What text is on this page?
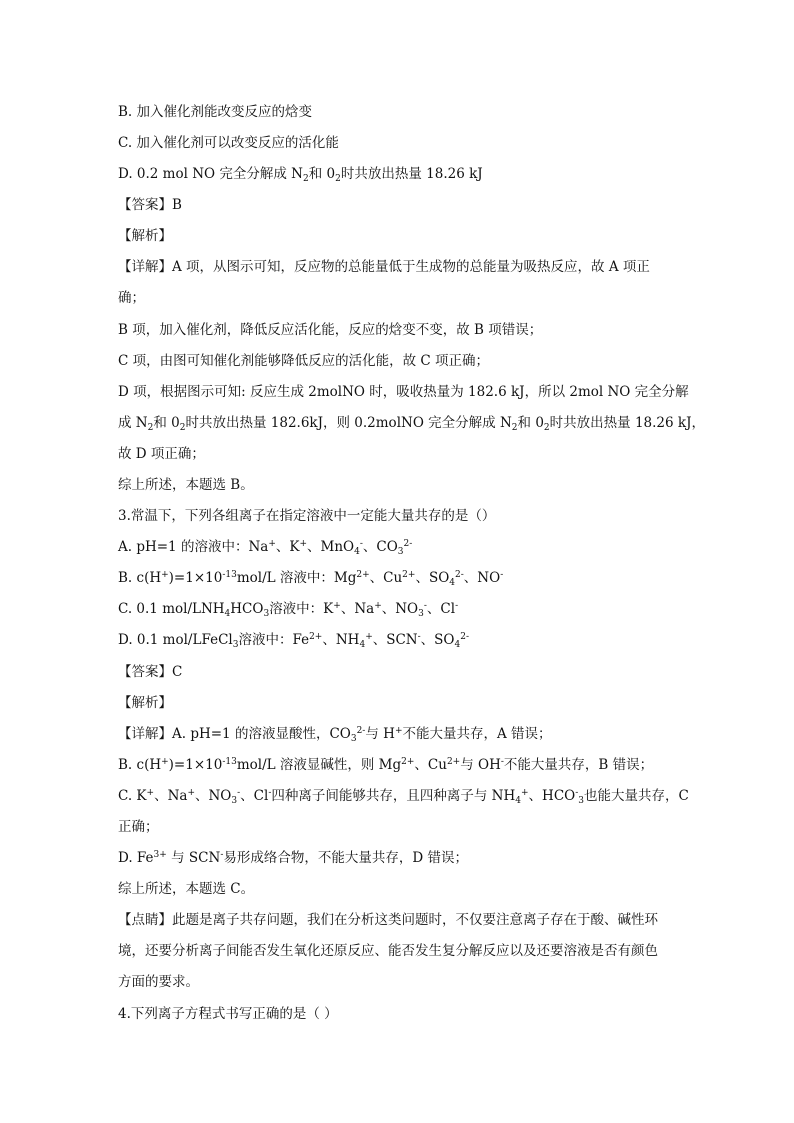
B. 加入催化剂能改变反应的焓变
C. 加入催化剂可以改变反应的活化能
D. 0.2 mol NO 完全分解成 $N_2$和 $0_2$时共放出热量 18.26 kJ
【答案】B
【解析】
【详解】A 项，从图示可知，反应物的总能量低于生成物的总能量为吸热反应，故 A 项正
确；
B 项，加入催化剂，降低反应活化能，反应的焓变不变，故 B 项错误；
C 项，由图可知催化剂能够降低反应的活化能，故 C 项正确；
D 项，根据图示可知: 反应生成 2molNO 时，吸收热量为 182.6 kJ，所以 2mol NO 完全分解
成 $N_2$和 $0_2$时共放出热量 182.6kJ，则 0.2molNO 完全分解成 $N_2$和 $0_2$时共放出热量 18.26 kJ，
故 D 项正确；
综上所述，本题选 B。
3.常温下，下列各组离子在指定溶液中一定能大量共存的是（）
A. pH=1 的溶液中：Na+、K+、MnO$_4$-、$CO_3^{2-}$
B. $c(H^+)=1\times 10^{-13}mol/L$ 溶液中：$Mg^{2+}$、$Cu^{2+}$、$SO_4^{2-}$、NO-
C. 0.1 mol/$LNH_4HCO_3$溶液中：K+、Na+、$NO_3^-$、Cl-
D. 0.1 mol/LFeCl$_3$溶液中：$Fe^{2+}$、$NH_4^+$、SCN-、$SO_4^{2-}$
【答案】C
【解析】
【详解】A. pH=1 的溶液显酸性，$CO_3^{2-}$与 H+不能大量共存，A 错误；
B. $c(H^+)=1\times 10^{-13}mol/L$ 溶液显碱性，则 $Mg^{2+}$、$Cu^{2+}$与 OH-不能大量共存，B 错误；
C. K+、Na+、$NO_3^-$、Cl-四种离子间能够共存，且四种离子与 $NH_4^+$、$HCO^-_3$也能大量共存，C
正确；
D. $Fe^{3+}$ 与 SCN-易形成络合物，不能大量共存，D 错误；
综上所述，本题选 C。
【点睛】此题是离子共存问题，我们在分析这类问题时，不仅要注意离子存在于酸、碱性环
境，还要分析离子间能否发生氧化还原反应、能否发生复分解反应以及还要溶液是否有颜色
方面的要求。
4.下列离子方程式书写正确的是（ ）
